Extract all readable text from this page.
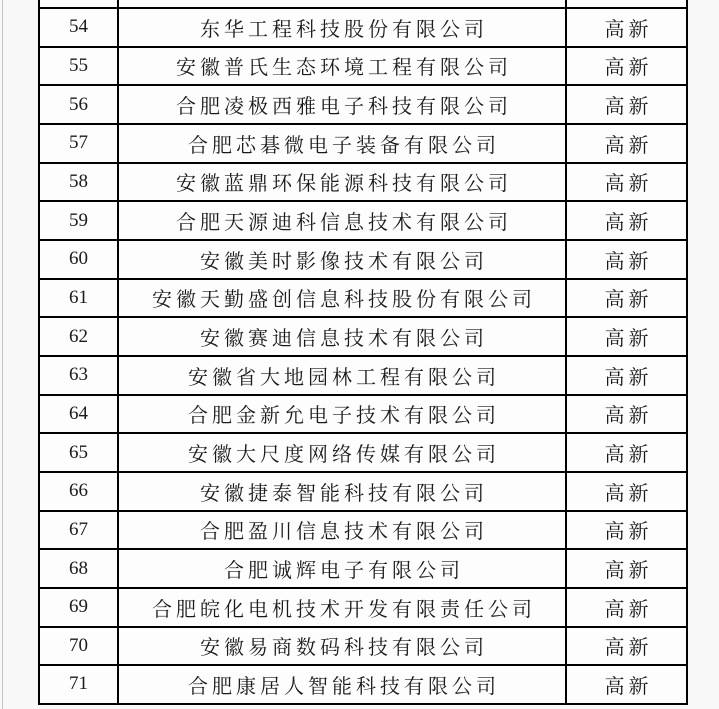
54	东华工程科技股份有限公司	高新
55	安徽普氏生态环境工程有限公司	高新
56	合肥凌极西雅电子科技有限公司	高新
57	合肥芯碁微电子装备有限公司	高新
58	安徽蓝鼎环保能源科技有限公司	高新
59	合肥天源迪科信息技术有限公司	高新
60	安徽美时影像技术有限公司	高新
61	安徽天勤盛创信息科技股份有限公司	高新
62	安徽赛迪信息技术有限公司	高新
63	安徽省大地园林工程有限公司	高新
64	合肥金新允电子技术有限公司	高新
65	安徽大尺度网络传媒有限公司	高新
66	安徽捷泰智能科技有限公司	高新
67	合肥盈川信息技术有限公司	高新
68	合肥诚辉电子有限公司	高新
69	合肥皖化电机技术开发有限责任公司	高新
70	安徽易商数码科技有限公司	高新
71	合肥康居人智能科技有限公司	高新
